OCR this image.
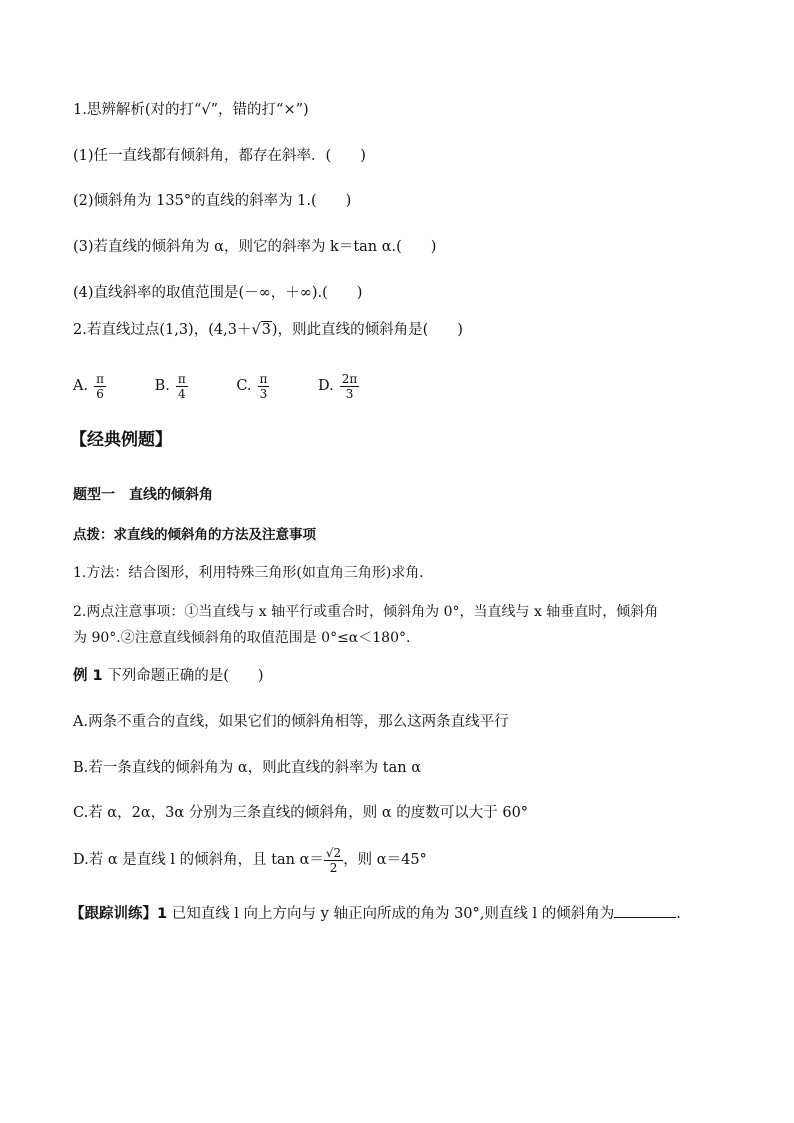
1.思辨解析(对的打“√”，错的打“×”)
(1)任一直线都有倾斜角，都存在斜率．(　　)
(2)倾斜角为 135°的直线的斜率为 1.(　　)
(3)若直线的倾斜角为 α，则它的斜率为 k＝tan α.(　　)
(4)直线斜率的取值范围是(－∞，＋∞).(　　)
2.若直线过点(1,3)，(4,3＋√3)，则此直线的倾斜角是(　　)
A. $\frac{\pi}{6}$
	B. $\frac{\pi}{4}$
	C. $\frac{\pi}{3}$
	D. $\frac{2\pi}{3}$
【经典例题】
题型一　直线的倾斜角
点拨：求直线的倾斜角的方法及注意事项
1.方法：结合图形，利用特殊三角形(如直角三角形)求角．
2.两点注意事项：①当直线与 x 轴平行或重合时，倾斜角为 0°，当直线与 x 轴垂直时，倾斜角
为 90°.②注意直线倾斜角的取值范围是 0°≤α＜180°.
例 1 下列命题正确的是(　　)
A.两条不重合的直线，如果它们的倾斜角相等，那么这两条直线平行
B.若一条直线的倾斜角为 α，则此直线的斜率为 tan α
C.若 α，2α，3α 分别为三条直线的倾斜角，则 α 的度数可以大于 60°
D.若 α 是直线 l 的倾斜角，且 $\tan \alpha= \frac{√2}{2}$ ，则 α＝45°
【跟踪训练】1 已知直线 l 向上方向与 y 轴正向所成的角为 30°,则直线 l 的倾斜角为	.
